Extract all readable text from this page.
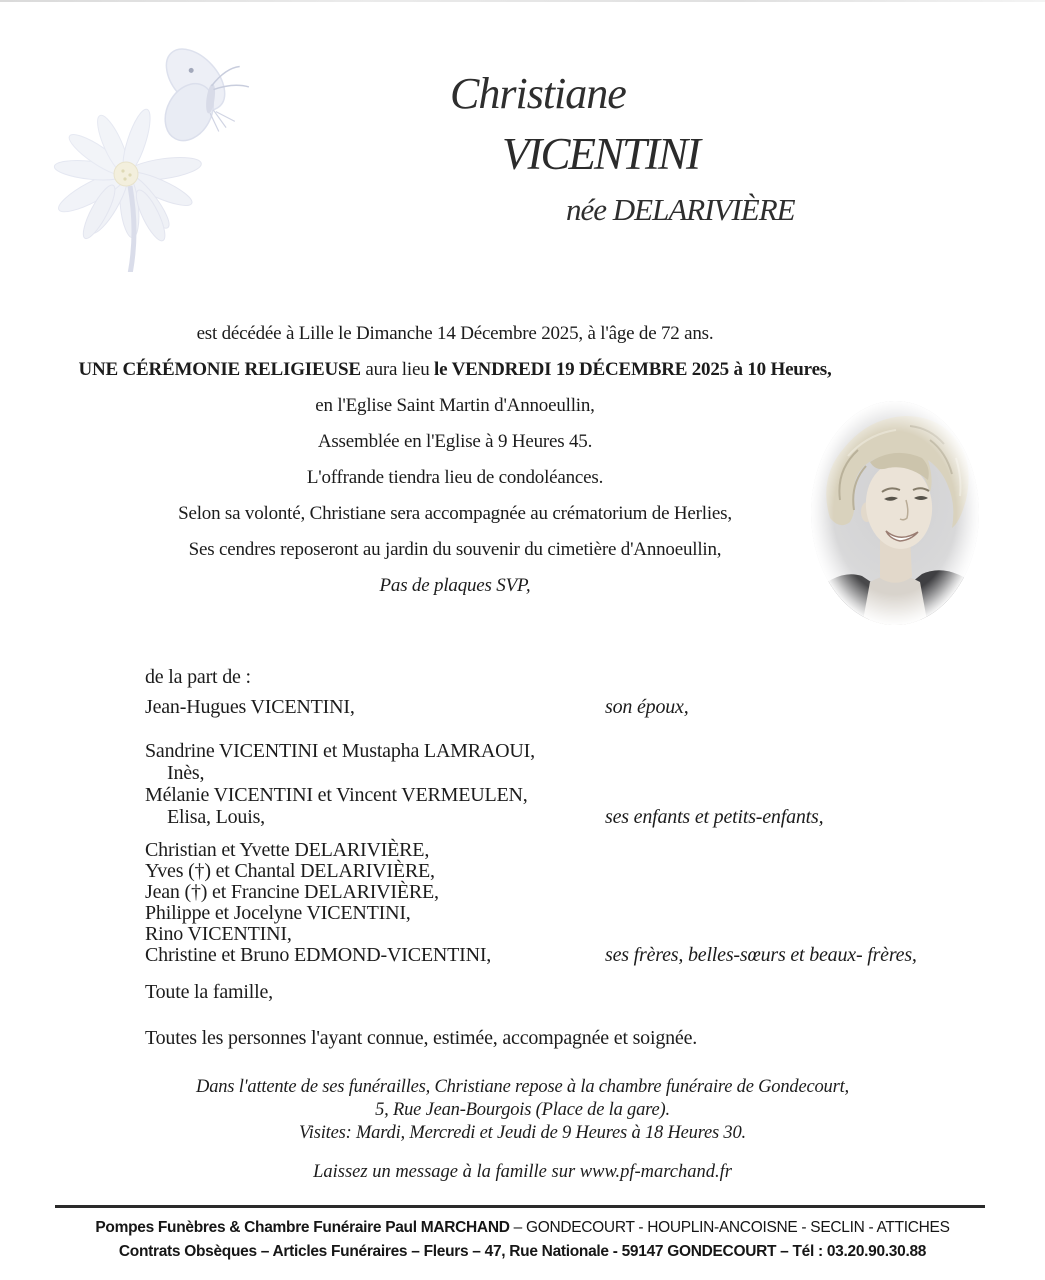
Christiane
VICENTINI
née DELARIVIÈRE

est décédée à Lille le Dimanche 14 Décembre 2025, à l'âge de 72 ans.

UNE CÉRÉMONIE RELIGIEUSE aura lieu le VENDREDI 19 DÉCEMBRE 2025 à 10 Heures,

en l'Eglise Saint Martin d'Annoeullin,

Assemblée en l'Eglise à 9 Heures 45.

L'offrande tiendra lieu de condoléances.

Selon sa volonté, Christiane sera accompagnée au crématorium de Herlies,

Ses cendres reposeront au jardin du souvenir du cimetière d'Annoeullin,

Pas de plaques SVP,

de la part de :
Jean-Hugues VICENTINI,	son époux,
Sandrine VICENTINI et Mustapha LAMRAOUI,
Inès,
Mélanie VICENTINI et Vincent VERMEULEN,
Elisa, Louis,	ses enfants et petits-enfants,
Christian et Yvette DELARIVIÈRE,
Yves (†) et Chantal DELARIVIÈRE,
Jean (†) et Francine DELARIVIÈRE,
Philippe et Jocelyne VICENTINI,
Rino VICENTINI,
Christine et Bruno EDMOND-VICENTINI,	ses frères, belles-sœurs et beaux- frères,
Toute la famille,
Toutes les personnes l'ayant connue, estimée, accompagnée et soignée.

Dans l'attente de ses funérailles, Christiane repose à la chambre funéraire de Gondecourt,

5, Rue Jean-Bourgois (Place de la gare).

Visites: Mardi, Mercredi et Jeudi de 9 Heures à 18 Heures 30.

Laissez un message à la famille sur www.pf-marchand.fr
Pompes Funèbres & Chambre Funéraire Paul MARCHAND – GONDECOURT - HOUPLIN-ANCOISNE - SECLIN - ATTICHES
Contrats Obsèques – Articles Funéraires – Fleurs – 47, Rue Nationale - 59147 GONDECOURT – Tél : 03.20.90.30.88
